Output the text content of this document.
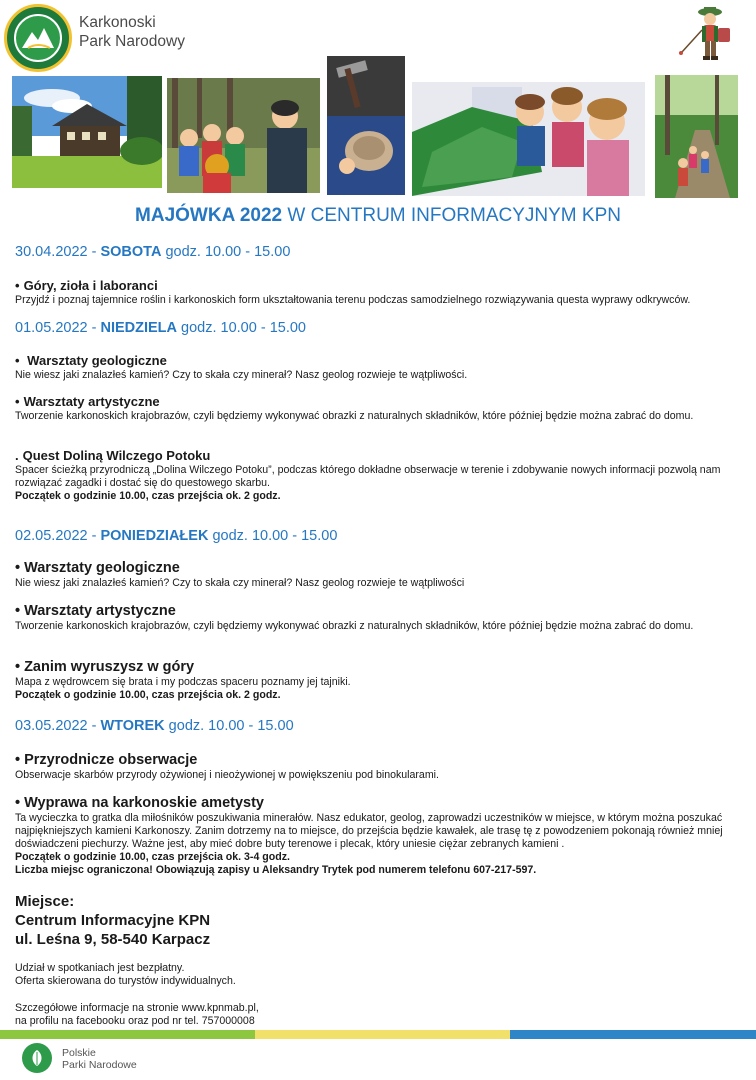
Karkonoski
Park Narodowy
MAJÓWKA 2022 W CENTRUM INFORMACYJNYM KPN
30.04.2022 - SOBOTA godz. 10.00 - 15.00
• Góry, zioła i laboranci

Przyjdź i poznaj tajemnice roślin i karkonoskich form ukształtowania terenu podczas samodzielnego rozwiązywania questa wyprawy odkrywców.

01.05.2022 - NIEDZIELA godz. 10.00 - 15.00
• Warsztaty geologiczne

Nie wiesz jaki znalazłeś kamień? Czy to skała czy minerał? Nasz geolog rozwieje te wątpliwości.

• Warsztaty artystyczne

Tworzenie karkonoskich krajobrazów, czyli będziemy wykonywać obrazki z naturalnych składników, które później będzie można zabrać do domu.

. Quest Doliną Wilczego Potoku

Spacer ścieżką przyrodniczą „Dolina Wilczego Potoku”, podczas którego dokładne obserwacje w terenie i zdobywanie nowych informacji pozwolą nam rozwiązać zagadki i dostać się do questowego skarbu.

Początek o godzinie 10.00, czas przejścia ok. 2 godz.

02.05.2022 - PONIEDZIAŁEK godz. 10.00 - 15.00
• Warsztaty geologiczne

Nie wiesz jaki znalazłeś kamień? Czy to skała czy minerał? Nasz geolog rozwieje te wątpliwości

• Warsztaty artystyczne

Tworzenie karkonoskich krajobrazów, czyli będziemy wykonywać obrazki z naturalnych składników, które później będzie można zabrać do domu.

• Zanim wyruszysz w góry

Mapa z wędrowcem się brata i my podczas spaceru poznamy jej tajniki.

Początek o godzinie 10.00, czas przejścia ok. 2 godz.

03.05.2022 - WTOREK godz. 10.00 - 15.00
• Przyrodnicze obserwacje

Obserwacje skarbów przyrody ożywionej i nieożywionej w powiększeniu pod binokularami.

• Wyprawa na karkonoskie ametysty

Ta wycieczka to gratka dla miłośników poszukiwania minerałów. Nasz edukator, geolog, zaprowadzi uczestników w miejsce, w którym można poszukać najpiękniejszych kamieni Karkonoszy. Zanim dotrzemy na to miejsce, do przejścia będzie kawałek, ale trasę tę z powodzeniem pokonają również mniej doświadczeni piechurzy. Ważne jest, aby mieć dobre buty terenowe i plecak, który uniesie ciężar zebranych kamieni .

Początek o godzinie 10.00, czas przejścia ok. 3-4 godz.

Liczba miejsc ograniczona! Obowiązują zapisy u Aleksandry Trytek pod numerem telefonu 607-217-597.

Miejsce:
Centrum Informacyjne KPN
ul. Leśna 9, 58-540 Karpacz
Udział w spotkaniach jest bezpłatny.
Oferta skierowana do turystów indywidualnych.
Szczegółowe informacje na stronie www.kpnmab.pl,
na profilu na facebooku oraz pod nr tel. 757000008
Polskie
Parki Narodowe
